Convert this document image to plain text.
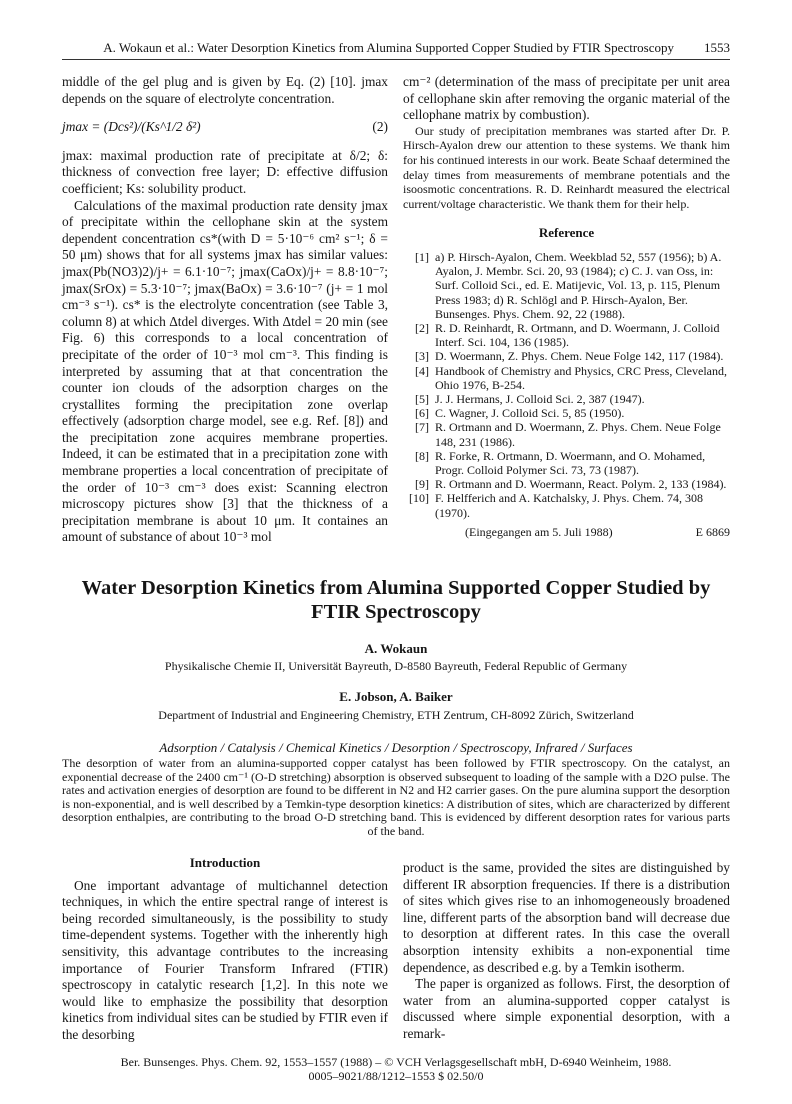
A. Wokaun et al.: Water Desorption Kinetics from Alumina Supported Copper Studied by FTIR Spectroscopy 1553

middle of the gel plug and is given by Eq. (2) [10]. jmax depends on the square of electrolyte concentration.

jmax = (Dcs²)/(Ks^1/2 δ²)	(2)

jmax: maximal production rate of precipitate at δ/2; δ: thickness of convection free layer; D: effective diffusion coefficient; Ks: solubility product.

Calculations of the maximal production rate density jmax of precipitate within the cellophane skin at the system dependent concentration cs*(with D = 5·10⁻⁶ cm² s⁻¹; δ = 50 μm) shows that for all systems jmax has similar values: jmax(Pb(NO3)2)/j+ = 6.1·10⁻⁷; jmax(CaOx)/j+ = 8.8·10⁻⁷; jmax(SrOx) = 5.3·10⁻⁷; jmax(BaOx) = 3.6·10⁻⁷ (j+ = 1 mol cm⁻³ s⁻¹). cs* is the electrolyte concentration (see Table 3, column 8) at which Δtdel diverges. With Δtdel = 20 min (see Fig. 6) this corresponds to a local concentration of precipitate of the order of 10⁻³ mol cm⁻³. This finding is interpreted by assuming that at that concentration the counter ion clouds of the adsorption charges on the crystallites forming the precipitation zone overlap effectively (adsorption charge model, see e.g. Ref. [8]) and the precipitation zone acquires membrane properties. Indeed, it can be estimated that in a precipitation zone with membrane properties a local concentration of precipitate of the order of 10⁻³ cm⁻³ does exist: Scanning electron microscopy pictures show [3] that the thickness of a precipitation membrane is about 10 μm. It containes an amount of substance of about 10⁻³ mol

cm⁻² (determination of the mass of precipitate per unit area of cellophane skin after removing the organic material of the cellophane matrix by combustion).

Our study of precipitation membranes was started after Dr. P. Hirsch-Ayalon drew our attention to these systems. We thank him for his continued interests in our work. Beate Schaaf determined the delay times from measurements of membrane potentials and the isoosmotic concentrations. R. D. Reinhardt measured the electrical current/voltage characteristic. We thank them for their help.

Reference
[1] a) P. Hirsch-Ayalon, Chem. Weekblad 52, 557 (1956); b) A. Ayalon, J. Membr. Sci. 20, 93 (1984); c) C. J. van Oss, in: Surf. Colloid Sci., ed. E. Matijevic, Vol. 13, p. 115, Plenum Press 1983; d) R. Schlögl and P. Hirsch-Ayalon, Ber. Bunsenges. Phys. Chem. 92, 22 (1988).
[2] R. D. Reinhardt, R. Ortmann, and D. Woermann, J. Colloid Interf. Sci. 104, 136 (1985).
[3] D. Woermann, Z. Phys. Chem. Neue Folge 142, 117 (1984).
[4] Handbook of Chemistry and Physics, CRC Press, Cleveland, Ohio 1976, B-254.
[5] J. J. Hermans, J. Colloid Sci. 2, 387 (1947).
[6] C. Wagner, J. Colloid Sci. 5, 85 (1950).
[7] R. Ortmann and D. Woermann, Z. Phys. Chem. Neue Folge 148, 231 (1986).
[8] R. Forke, R. Ortmann, D. Woermann, and O. Mohamed, Progr. Colloid Polymer Sci. 73, 73 (1987).
[9] R. Ortmann and D. Woermann, React. Polym. 2, 133 (1984).
[10] F. Helfferich and A. Katchalsky, J. Phys. Chem. 74, 308 (1970).
(Eingegangen am 5. Juli 1988)	E 6869
Water Desorption Kinetics from Alumina Supported Copper Studied by FTIR Spectroscopy
A. Wokaun
Physikalische Chemie II, Universität Bayreuth, D-8580 Bayreuth, Federal Republic of Germany
E. Jobson, A. Baiker
Department of Industrial and Engineering Chemistry, ETH Zentrum, CH-8092 Zürich, Switzerland
Adsorption / Catalysis / Chemical Kinetics / Desorption / Spectroscopy, Infrared / Surfaces
The desorption of water from an alumina-supported copper catalyst has been followed by FTIR spectroscopy. On the catalyst, an exponential decrease of the 2400 cm⁻¹ (O-D stretching) absorption is observed subsequent to loading of the sample with a D2O pulse. The rates and activation energies of desorption are found to be different in N2 and H2 carrier gases. On the pure alumina support the desorption is non-exponential, and is well described by a Temkin-type desorption kinetics: A distribution of sites, which are characterized by different desorption enthalpies, are contributing to the broad O-D stretching band. This is evidenced by different desorption rates for various parts of the band.
Introduction

One important advantage of multichannel detection techniques, in which the entire spectral range of interest is being recorded simultaneously, is the possibility to study time-dependent systems. Together with the inherently high sensitivity, this advantage contributes to the increasing importance of Fourier Transform Infrared (FTIR) spectroscopy in catalytic research [1,2]. In this note we would like to emphasize the possibility that desorption kinetics from individual sites can be studied by FTIR even if the desorbing

product is the same, provided the sites are distinguished by different IR absorption frequencies. If there is a distribution of sites which gives rise to an inhomogeneously broadened line, different parts of the absorption band will decrease due to desorption at different rates. In this case the overall absorption intensity exhibits a non-exponential time dependence, as described e.g. by a Temkin isotherm.

The paper is organized as follows. First, the desorption of water from an alumina-supported copper catalyst is discussed where simple exponential desorption, with a remark-

Ber. Bunsenges. Phys. Chem. 92, 1553–1557 (1988) – © VCH Verlagsgesellschaft mbH, D-6940 Weinheim, 1988.
0005–9021/88/1212–1553 $ 02.50/0
